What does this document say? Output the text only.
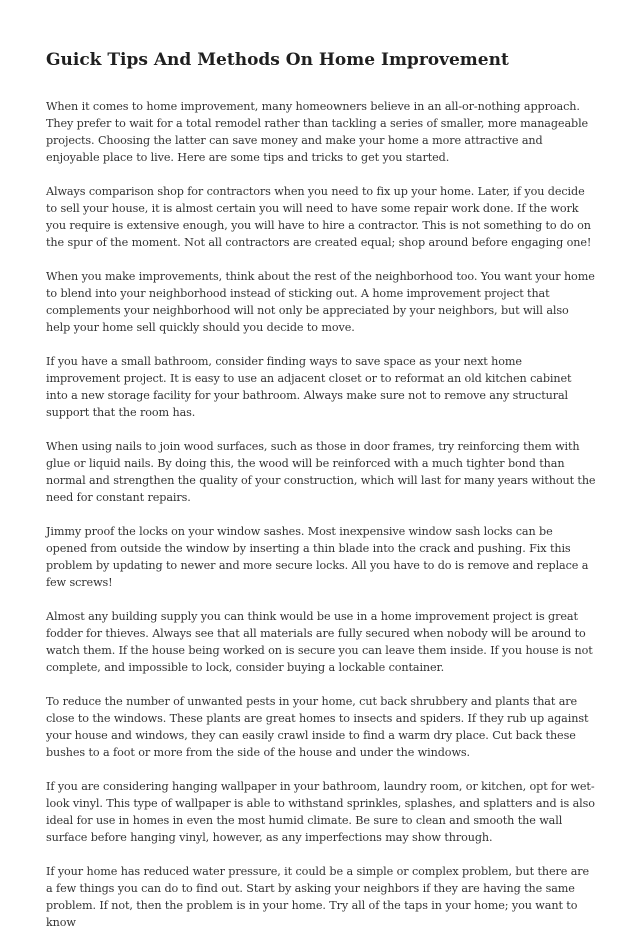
Guick Tips And Methods On Home Improvement

When it comes to home improvement, many homeowners believe in an all-or-nothing approach. They prefer to wait for a total remodel rather than tackling a series of smaller, more manageable projects. Choosing the latter can save money and make your home a more attractive and enjoyable place to live. Here are some tips and tricks to get you started.

Always comparison shop for contractors when you need to fix up your home. Later, if you decide to sell your house, it is almost certain you will need to have some repair work done. If the work you require is extensive enough, you will have to hire a contractor. This is not something to do on the spur of the moment. Not all contractors are created equal; shop around before engaging one!

When you make improvements, think about the rest of the neighborhood too. You want your home to blend into your neighborhood instead of sticking out. A home improvement project that complements your neighborhood will not only be appreciated by your neighbors, but will also help your home sell quickly should you decide to move.

If you have a small bathroom, consider finding ways to save space as your next home improvement project. It is easy to use an adjacent closet or to reformat an old kitchen cabinet into a new storage facility for your bathroom. Always make sure not to remove any structural support that the room has.

When using nails to join wood surfaces, such as those in door frames, try reinforcing them with glue or liquid nails. By doing this, the wood will be reinforced with a much tighter bond than normal and strengthen the quality of your construction, which will last for many years without the need for constant repairs.

Jimmy proof the locks on your window sashes. Most inexpensive window sash locks can be opened from outside the window by inserting a thin blade into the crack and pushing. Fix this problem by updating to newer and more secure locks. All you have to do is remove and replace a few screws!

Almost any building supply you can think would be use in a home improvement project is great fodder for thieves. Always see that all materials are fully secured when nobody will be around to watch them. If the house being worked on is secure you can leave them inside. If you house is not complete, and impossible to lock, consider buying a lockable container.

To reduce the number of unwanted pests in your home, cut back shrubbery and plants that are close to the windows. These plants are great homes to insects and spiders. If they rub up against your house and windows, they can easily crawl inside to find a warm dry place. Cut back these bushes to a foot or more from the side of the house and under the windows.

If you are considering hanging wallpaper in your bathroom, laundry room, or kitchen, opt for wet-look vinyl. This type of wallpaper is able to withstand sprinkles, splashes, and splatters and is also ideal for use in homes in even the most humid climate. Be sure to clean and smooth the wall surface before hanging vinyl, however, as any imperfections may show through.

If your home has reduced water pressure, it could be a simple or complex problem, but there are a few things you can do to find out. Start by asking your neighbors if they are having the same problem. If not, then the problem is in your home. Try all of the taps in your home; you want to know
